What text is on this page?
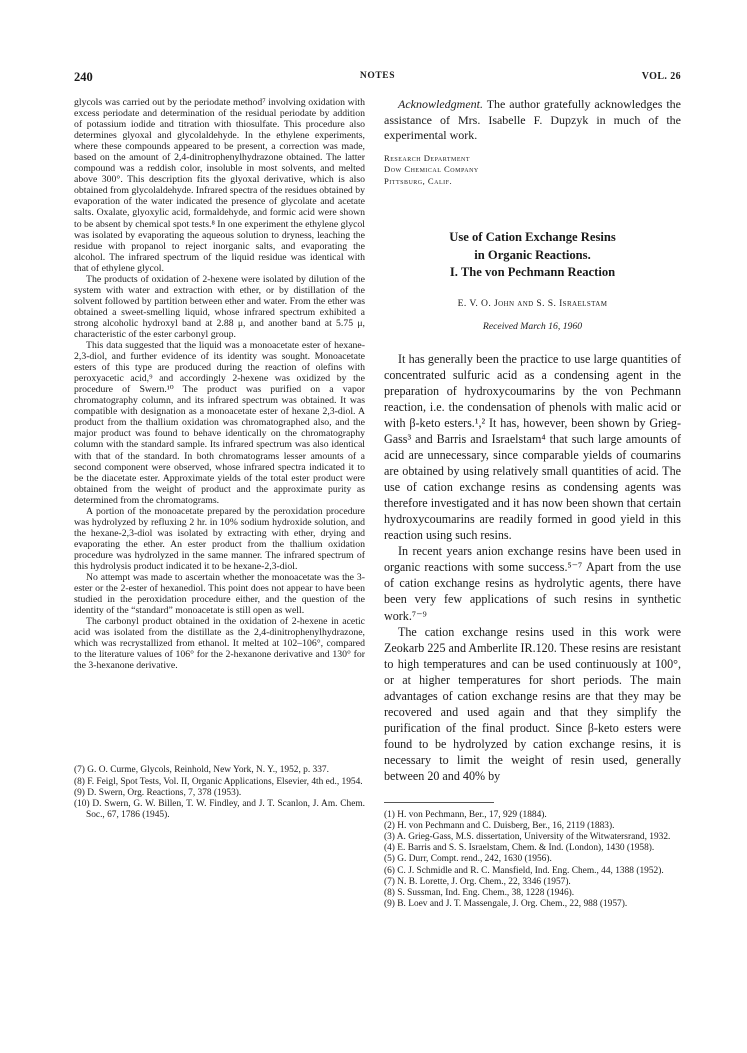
240	NOTES	VOL. 26

glycols was carried out by the periodate method⁷ involving oxidation with excess periodate and determination of the residual periodate by addition of potassium iodide and titration with thiosulfate. This procedure also determines glyoxal and glycolaldehyde. In the ethylene experiments, where these compounds appeared to be present, a correction was made, based on the amount of 2,4-dinitrophenylhydrazone obtained. The latter compound was a reddish color, insoluble in most solvents, and melted above 300°. This description fits the glyoxal derivative, which is also obtained from glycolaldehyde. Infrared spectra of the residues obtained by evaporation of the water indicated the presence of glycolate and acetate salts. Oxalate, glyoxylic acid, formaldehyde, and formic acid were shown to be absent by chemical spot tests.⁸ In one experiment the ethylene glycol was isolated by evaporating the aqueous solution to dryness, leaching the residue with propanol to reject inorganic salts, and evaporating the alcohol. The infrared spectrum of the liquid residue was identical with that of ethylene glycol.

The products of oxidation of 2-hexene were isolated by dilution of the system with water and extraction with ether, or by distillation of the solvent followed by partition between ether and water. From the ether was obtained a sweet-smelling liquid, whose infrared spectrum exhibited a strong alcoholic hydroxyl band at 2.88 μ, and another band at 5.75 μ, characteristic of the ester carbonyl group.

This data suggested that the liquid was a monoacetate ester of hexane-2,3-diol, and further evidence of its identity was sought. Monoacetate esters of this type are produced during the reaction of olefins with peroxyacetic acid,⁹ and accordingly 2-hexene was oxidized by the procedure of Swern.¹⁰ The product was purified on a vapor chromatography column, and its infrared spectrum was obtained. It was compatible with designation as a monoacetate ester of hexane 2,3-diol. A product from the thallium oxidation was chromatographed also, and the major product was found to behave identically on the chromatography column with the standard sample. Its infrared spectrum was also identical with that of the standard. In both chromatograms lesser amounts of a second component were observed, whose infrared spectra indicated it to be the diacetate ester. Approximate yields of the total ester product were obtained from the weight of product and the approximate purity as determined from the chromatograms.

A portion of the monoacetate prepared by the peroxidation procedure was hydrolyzed by refluxing 2 hr. in 10% sodium hydroxide solution, and the hexane-2,3-diol was isolated by extracting with ether, drying and evaporating the ether. An ester product from the thallium oxidation procedure was hydrolyzed in the same manner. The infrared spectrum of this hydrolysis product indicated it to be hexane-2,3-diol.

No attempt was made to ascertain whether the monoacetate was the 3-ester or the 2-ester of hexanediol. This point does not appear to have been studied in the peroxidation procedure either, and the question of the identity of the “standard” monoacetate is still open as well.

The carbonyl product obtained in the oxidation of 2-hexene in acetic acid was isolated from the distillate as the 2,4-dinitrophenylhydrazone, which was recrystallized from ethanol. It melted at 102–106°, compared to the literature values of 106° for the 2-hexanone derivative and 130° for the 3-hexanone derivative.

(7) G. O. Curme, Glycols, Reinhold, New York, N. Y., 1952, p. 337.
(8) F. Feigl, Spot Tests, Vol. II, Organic Applications, Elsevier, 4th ed., 1954.
(9) D. Swern, Org. Reactions, 7, 378 (1953).
(10) D. Swern, G. W. Billen, T. W. Findley, and J. T. Scanlon, J. Am. Chem. Soc., 67, 1786 (1945).

Acknowledgment. The author gratefully acknowledges the assistance of Mrs. Isabelle F. Dupzyk in much of the experimental work.

Research Department
Dow Chemical Company
Pittsburg, Calif.
Use of Cation Exchange Resins
in Organic Reactions.
I. The von Pechmann Reaction
E. V. O. John and S. S. Israelstam
Received March 16, 1960

It has generally been the practice to use large quantities of concentrated sulfuric acid as a condensing agent in the preparation of hydroxycoumarins by the von Pechmann reaction, i.e. the condensation of phenols with malic acid or with β-keto esters.¹,² It has, however, been shown by Grieg-Gass³ and Barris and Israelstam⁴ that such large amounts of acid are unnecessary, since comparable yields of coumarins are obtained by using relatively small quantities of acid. The use of cation exchange resins as condensing agents was therefore investigated and it has now been shown that certain hydroxycoumarins are readily formed in good yield in this reaction using such resins.

In recent years anion exchange resins have been used in organic reactions with some success.⁵⁻⁷ Apart from the use of cation exchange resins as hydrolytic agents, there have been very few applications of such resins in synthetic work.⁷⁻⁹

The cation exchange resins used in this work were Zeokarb 225 and Amberlite IR.120. These resins are resistant to high temperatures and can be used continuously at 100°, or at higher temperatures for short periods. The main advantages of cation exchange resins are that they may be recovered and used again and that they simplify the purification of the final product. Since β-keto esters were found to be hydrolyzed by cation exchange resins, it is necessary to limit the weight of resin used, generally between 20 and 40% by

(1) H. von Pechmann, Ber., 17, 929 (1884).
(2) H. von Pechmann and C. Duisberg, Ber., 16, 2119 (1883).
(3) A. Grieg-Gass, M.S. dissertation, University of the Witwatersrand, 1932.
(4) E. Barris and S. S. Israelstam, Chem. & Ind. (London), 1430 (1958).
(5) G. Durr, Compt. rend., 242, 1630 (1956).
(6) C. J. Schmidle and R. C. Mansfield, Ind. Eng. Chem., 44, 1388 (1952).
(7) N. B. Lorette, J. Org. Chem., 22, 3346 (1957).
(8) S. Sussman, Ind. Eng. Chem., 38, 1228 (1946).
(9) B. Loev and J. T. Massengale, J. Org. Chem., 22, 988 (1957).
